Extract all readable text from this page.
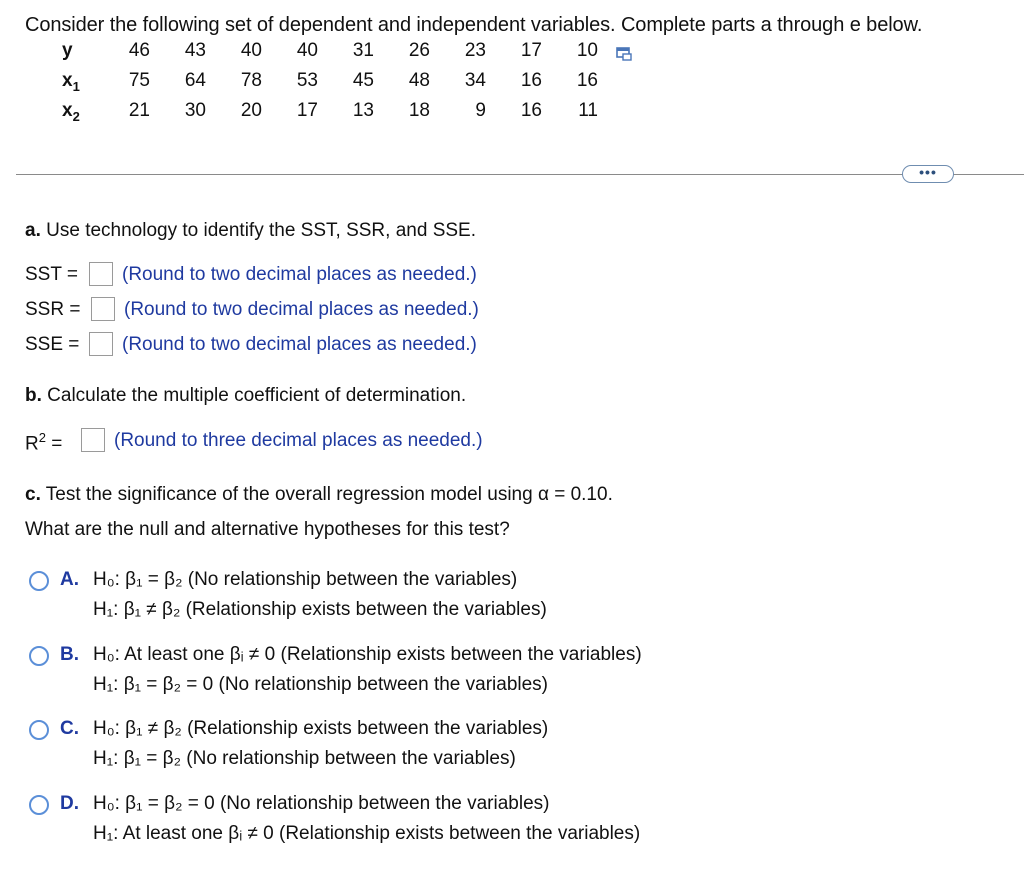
Consider the following set of dependent and independent variables. Complete parts a through e below.
y	46	43	40	40	31	26	23	17	10
$x_1$	75	64	78	53	45	48	34	16	16
$x_2$	21	30	20	17	13	18	9	16	11
•••
a. Use technology to identify the SST, SSR, and SSE.
SST = (Round to two decimal places as needed.)
SSR = (Round to two decimal places as needed.)
SSE = (Round to two decimal places as needed.)
b. Calculate the multiple coefficient of determination.
$R^2$ =	(Round to three decimal places as needed.)
c. Test the significance of the overall regression model using α = 0.10.
What are the null and alternative hypotheses for this test?
A. H₀: β₁ = β₂ (No relationship between the variables)
H₁: β₁ ≠ β₂ (Relationship exists between the variables)
B. H₀: At least one βᵢ ≠ 0 (Relationship exists between the variables)
H₁: β₁ = β₂ = 0 (No relationship between the variables)
C. H₀: β₁ ≠ β₂ (Relationship exists between the variables)
H₁: β₁ = β₂ (No relationship between the variables)
D. H₀: β₁ = β₂ = 0 (No relationship between the variables)
H₁: At least one βᵢ ≠ 0 (Relationship exists between the variables)
